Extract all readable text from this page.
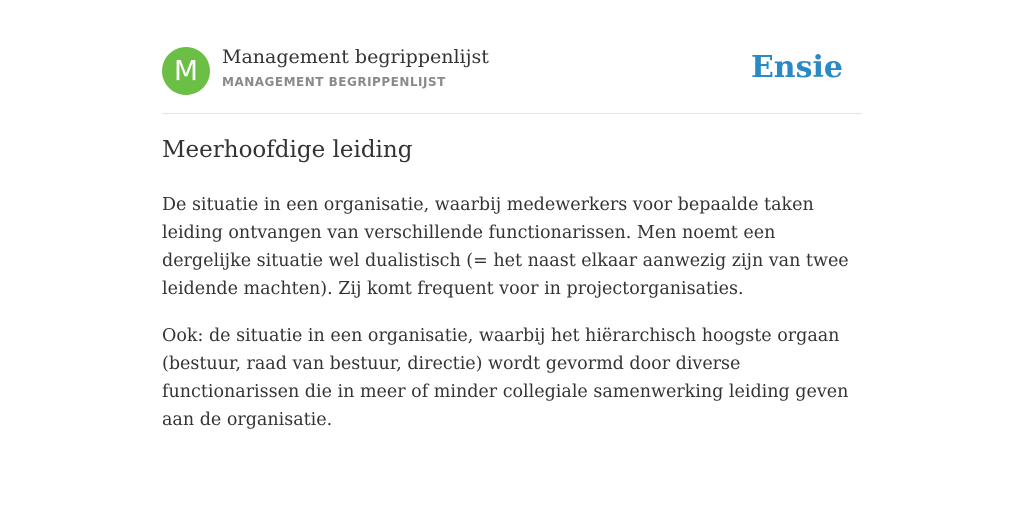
M	Management begrippenlijst
MANAGEMENT BEGRIPPENLIJST	Ensie
Meerhoofdige leiding

De situatie in een organisatie, waarbij medewerkers voor bepaalde taken leiding ontvangen van verschillende functionarissen. Men noemt een dergelijke situatie wel dualistisch (= het naast elkaar aanwezig zijn van twee leidende machten). Zij komt frequent voor in projectorganisaties.

Ook: de situatie in een organisatie, waarbij het hiërarchisch hoogste orgaan (bestuur, raad van bestuur, directie) wordt gevormd door diverse functionarissen die in meer of minder collegiale samenwerking leiding geven aan de organisatie.
